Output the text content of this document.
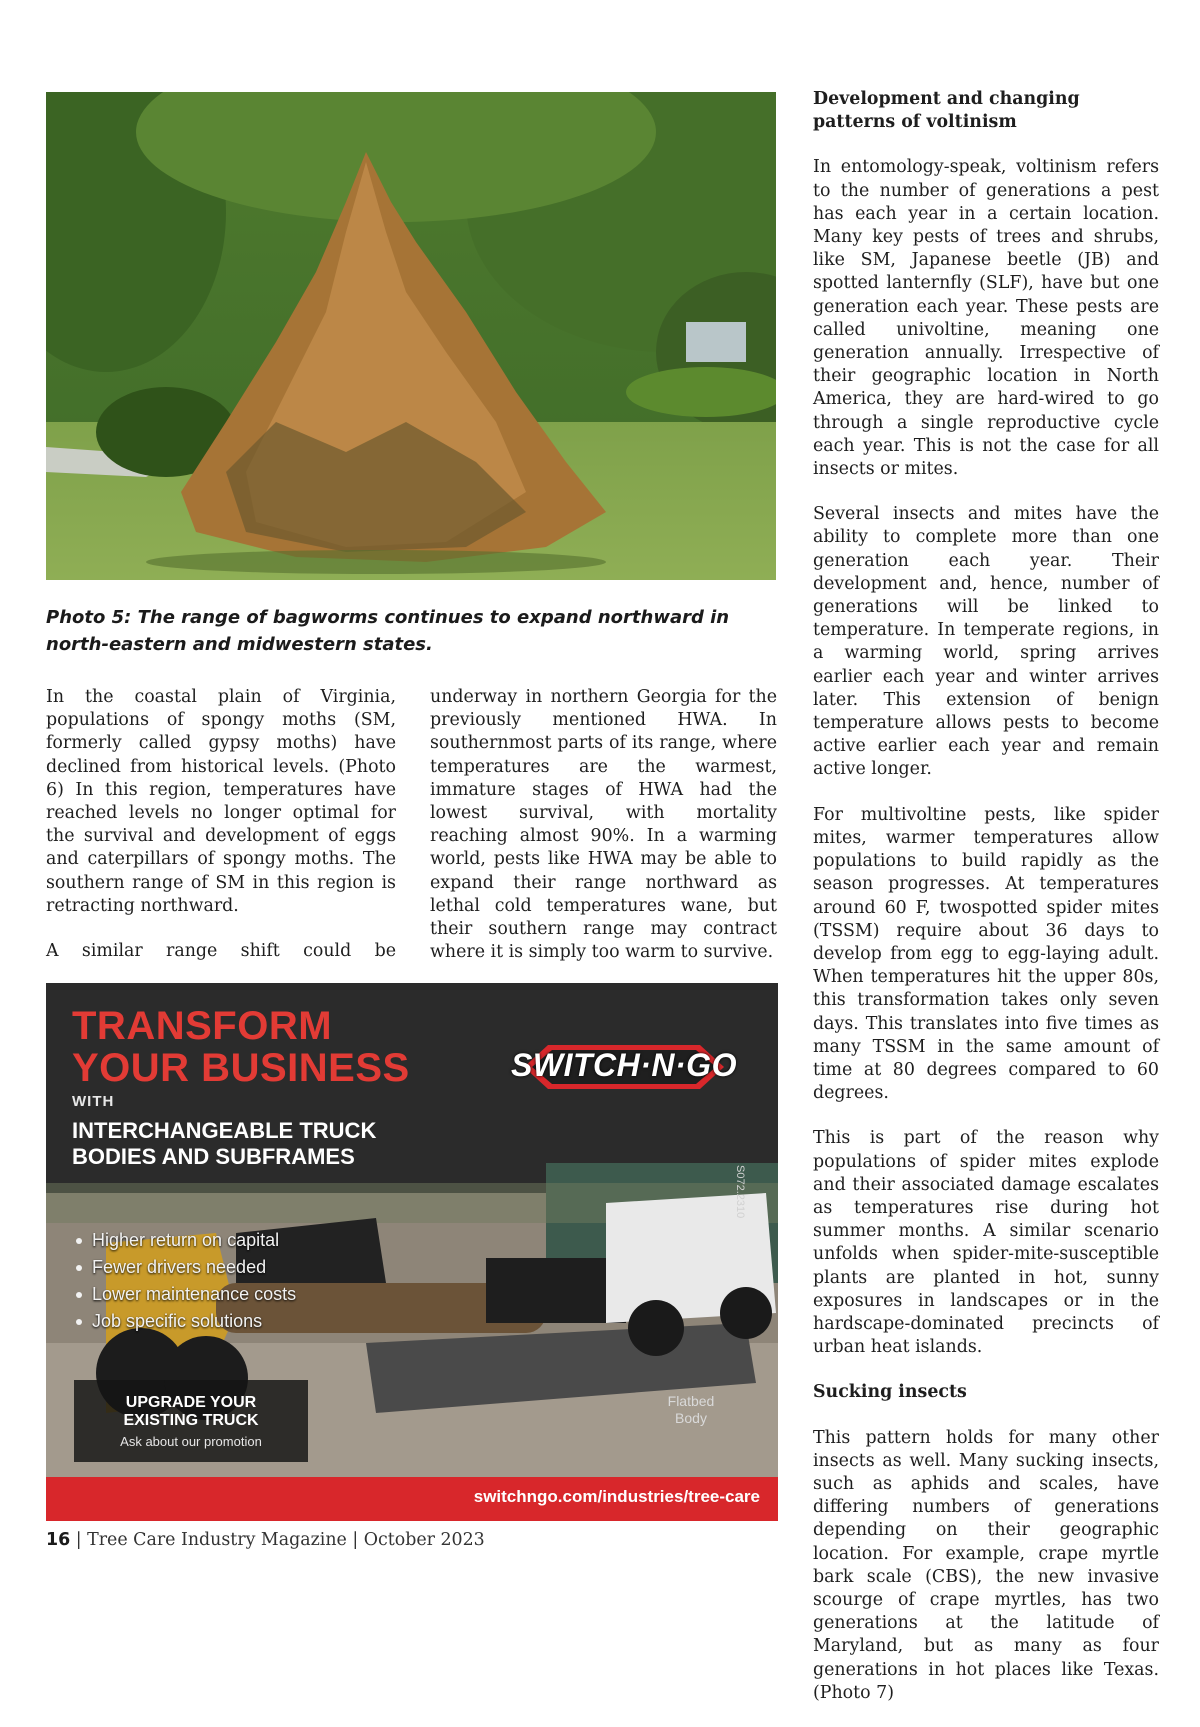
Photo 5: The range of bagworms continues to expand northward in north-eastern and midwestern states.

In the coastal plain of Virginia, populations of spongy moths (SM, formerly called gypsy moths) have declined from historical levels. (Photo 6) In this region, temperatures have reached levels no longer optimal for the survival and development of eggs and caterpillars of spongy moths. The southern range of SM in this region is retracting northward.

A similar range shift could be

underway in northern Georgia for the previously mentioned HWA. In southernmost parts of its range, where temperatures are the warmest, immature stages of HWA had the lowest survival, with mortality reaching almost 90%. In a warming world, pests like HWA may be able to expand their range northward as lethal cold temperatures wane, but their southern range may contract where it is simply too warm to survive.

Development and changing patterns of voltinism

In entomology-speak, voltinism refers to the number of generations a pest has each year in a certain location. Many key pests of trees and shrubs, like SM, Japanese beetle (JB) and spotted lanternfly (SLF), have but one generation each year. These pests are called univoltine, meaning one generation annually. Irrespective of their geographic location in North America, they are hard-wired to go through a single reproductive cycle each year. This is not the case for all insects or mites.

Several insects and mites have the ability to complete more than one generation each year. Their development and, hence, number of generations will be linked to temperature. In temperate regions, in a warming world, spring arrives earlier each year and winter arrives later. This extension of benign temperature allows pests to become active earlier each year and remain active longer.

For multivoltine pests, like spider mites, warmer temperatures allow populations to build rapidly as the season progresses. At temperatures around 60 F, twospotted spider mites (TSSM) require about 36 days to develop from egg to egg-laying adult. When temperatures hit the upper 80s, this transformation takes only seven days. This translates into five times as many TSSM in the same amount of time at 80 degrees compared to 60 degrees.

This is part of the reason why populations of spider mites explode and their associated damage escalates as temperatures rise during hot summer months. A similar scenario unfolds when spider-mite-susceptible plants are planted in hot, sunny exposures in landscapes or in the hardscape-dominated precincts of urban heat islands.

Sucking insects

This pattern holds for many other insects as well. Many sucking insects, such as aphids and scales, have differing numbers of generations depending on their geographic location. For example, crape myrtle bark scale (CBS), the new invasive scourge of crape myrtles, has two generations at the latitude of Maryland, but as many as four generations in hot places like Texas. (Photo 7)

TRANSFORM
YOUR BUSINESS
WITH
INTERCHANGEABLE TRUCK
BODIES AND SUBFRAMES
SWITCH·N·GO
S072.2310
Higher return on capital
Fewer drivers needed
Lower maintenance costs
Job specific solutions
UPGRADE YOUR
EXISTING TRUCK
Ask about our promotion
Flatbed
Body
switchngo.com/industries/tree-care
16 | Tree Care Industry Magazine | October 2023
